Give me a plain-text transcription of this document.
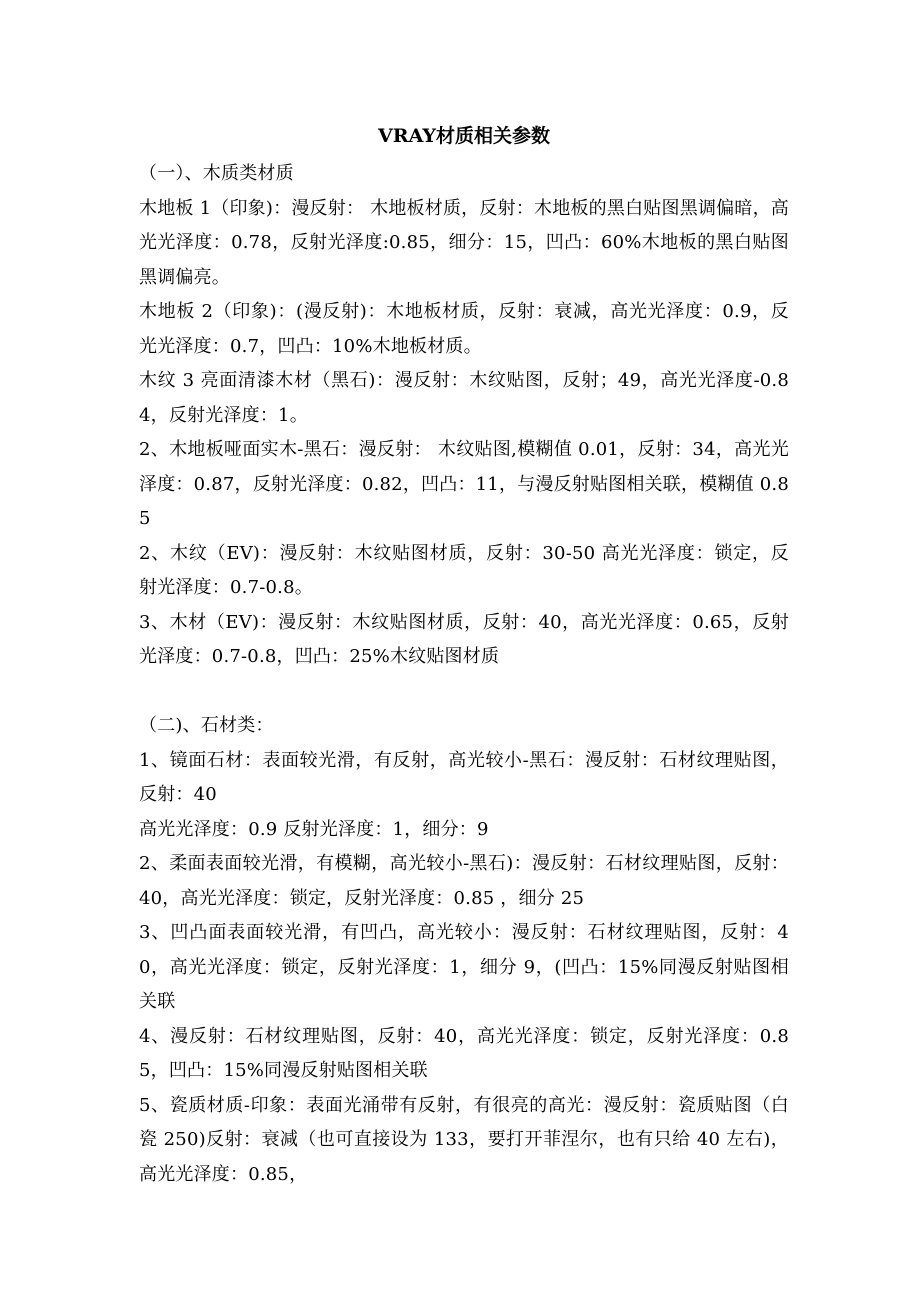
VRAY材质相关参数

（一）、木质类材质

木地板 1（印象)：漫反射： 木地板材质，反射：木地板的黑白贴图黑调偏暗，高光光泽度：0.78，反射光泽度:0.85，细分：15，凹凸：60%木地板的黑白贴图黑调偏亮。

木地板 2（印象)：(漫反射)：木地板材质，反射：衰减，高光光泽度：0.9，反光光泽度：0.7，凹凸：10%木地板材质。

木纹 3 亮面清漆木材（黑石)：漫反射：木纹贴图，反射；49，高光光泽度-0.84，反射光泽度：1。

2、木地板哑面实木-黑石：漫反射： 木纹贴图,模糊值 0.01，反射：34，高光光泽度：0.87，反射光泽度：0.82，凹凸：11，与漫反射贴图相关联，模糊值 0.85

2、木纹（EV)：漫反射：木纹贴图材质，反射：30-50 高光光泽度：锁定，反射光泽度：0.7-0.8。

3、木材（EV)：漫反射：木纹贴图材质，反射：40，高光光泽度：0.65，反射光泽度：0.7-0.8，凹凸：25%木纹贴图材质

（二)、石材类：

1、镜面石材：表面较光滑，有反射，高光较小-黑石：漫反射：石材纹理贴图，反射：40

高光光泽度：0.9 反射光泽度：1，细分：9

2、柔面表面较光滑，有模糊，高光较小-黑石)：漫反射：石材纹理贴图，反射：40，高光光泽度：锁定，反射光泽度：0.85 ，细分 25

3、凹凸面表面较光滑，有凹凸，高光较小：漫反射：石材纹理贴图，反射：40，高光光泽度：锁定，反射光泽度：1，细分 9，(凹凸：15%同漫反射贴图相关联

4、漫反射：石材纹理贴图，反射：40，高光光泽度：锁定，反射光泽度：0.85，凹凸：15%同漫反射贴图相关联

5、瓷质材质-印象：表面光涌带有反射，有很亮的高光：漫反射：瓷质贴图（白瓷 250)反射：衰减（也可直接设为 133，要打开菲涅尔，也有只给 40 左右)，高光光泽度：0.85，
